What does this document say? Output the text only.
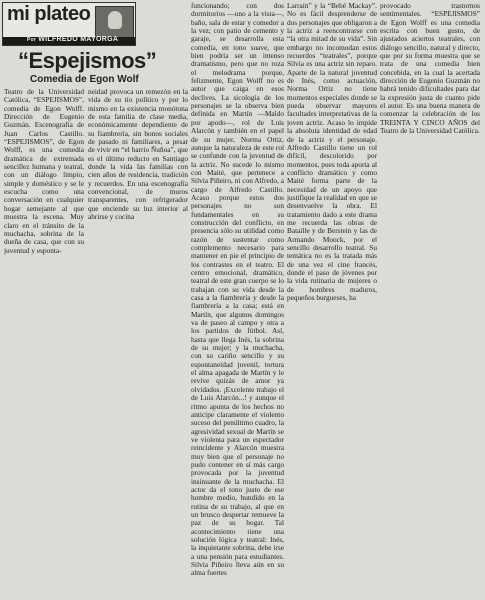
mi plateo
Por WILFREDO MAYORGA
“Espejismos”
Comedia de Egon Wolf
Teatro de la Universidad Católica, “ESPEJISMOS”, comedia de Egon Wolff. Dirección de Eugenio Guzmán. Escenografía de Juan Carlos Castillo. “ESPEJISMOS”, de Egon Wolff, es una comedia dramática de extremada sencillez humana y teatral, con un diálogo limpio, simple y doméstico y se le escucha como una conversación en cualquier hogar semejante al que muestra la escena. Muy claro en el tránsito de la muchacha, sobrina de la dueña de casa, que con su juventud y esponta-
neidad provoca un remezón en la vida de su tío político y por lo mismo en la existencia monótona de esta familia de clase media, económicamente dependiente de su fiambrería, sin bonos sociales de pasado ni familiares, a pesar de vivir en “el barrio Ñuñoa”, que es el último reducto en Santiago donde la vida las familias con cien años de residencia, tradición y recuerdos. En una escenografía convencional, de muros transparentes, con refrigerador que enciende su luz interior al abrirse y cocina
funcionando; con dos dormitorios —uno a la vista—, baño, sala de estar y comedor a la vez; con patio de cemento y garaje, se desarrolla esta comedia, en tono suave, que bien podría ser un intenso dramatismo, pero que no roza el melodrama porque, felizmente, Egon Wolff no es autor que caiga en esos declives. La sicología de los personajes se la observa bien definida en Martín —Maldo por apodo—, rol de Luis Alarcón y también en el papel de su mujer, Norma Ortiz, aunque la naturaleza de este rol se confunde con la juventud de la actriz. No sucede lo mismo con Maité, que pertenece a Silvia Piñeiro, ni con Alfredo, a cargo de Alfredo Castillo. Acaso porque estos dos personajes no son fundamentales en su construcción del conflicto, en presencia sólo su utilidad como razón de sustentar como complemento necesario para mantener en pie el principio de los contrastes en el teatro. El centro emocional, dramático, teatral de este gran cuerpo se lo trabajan con su vida desde la casa a la fiambrería y desde la fiambrería a la casa; está en Martín, que algunos domingos va de paseo al campo y otra a los partidos de fútbol. Así, hasta que llega Inés, la sobrina de su mujer; y la muchacha, con su cariño sencillo y su espontaneidad juvenil, tortura el alma apagada de Martín y le revive quizás de amor ya olvidados. ¡Excelente trabajo el de Luis Alarcón...! y aunque el ritmo apunta de los hechos no anticipe claramente el violento suceso del penúltimo cuadro, la agresividad sexual de Martín se ve violenta para un espectador reincidente y Alarcón muestra muy bien que el personaje no pudo contener en sí más cargo provocada por la juventud insinuante de la muchacha. El actor da el tono justo de ese hombre medio, hundido en la rutina de su trabajo, al que en un brusco despertar remueve la paz de su hogar. Tal acontecimiento tiene una solución lógica y teatral: Inés, la inquietante sobrina, debe irse a una pensión para estudiantes. Silvia Piñeiro lleva aún en su alma fuertes
Larraín” y la “Bebé Mackay”. No es fácil desprenderse de dos personajes que obligaron a la actriz a reencontrarse con “la otra mitad de su vida”. Sin embargo no incomodan estos recuerdos “teatrales”, porque Silvia es una actriz sin reparo. Aparte de la natural juventud de Inés, como actuación, Norma Ortiz no tiene momentos especiales donde se pueda observar mayores facultades interpretativas de la joven actriz. Acaso lo impide la absoluta identidad de edad de la actriz y el personaje. Alfredo Castillo tiene un rol difícil, descolorido por momentos, pues toda aporta al conflicto dramático y como Maité forma parte de la necesidad de un apoyo que justifique la realidad en que se desenvuelve la obra. El tratamiento dado a este drama me recuerda las obras de Bataille y de Berstein y las de Armando Moock, por el sencillo desarrollo teatral. Su temática no es la tratada más de una vez el cine francés, donde el paso de jóvenes por la vida rutinaria de mujeres o de hombres maduros, pequeños burgueses, ha
provocado trastornos sentimentales. “ESPEJISMOS” de Egon Wolff es una comedia escrita con buen gusto, de ajustados aciertos teatrales, con diálogo sencillo, natural y directo, que por su forma muestra que se trata de una comedia bien concebida, en la cual la acertada dirección de Eugenio Guzmán no habrá tenido dificultades para dar la expresión justa de cuanto pide el autor. Es una buena manera de comenzar la celebración de los TREINTA Y CINCO AÑOS del Teatro de la Universidad Católica.
